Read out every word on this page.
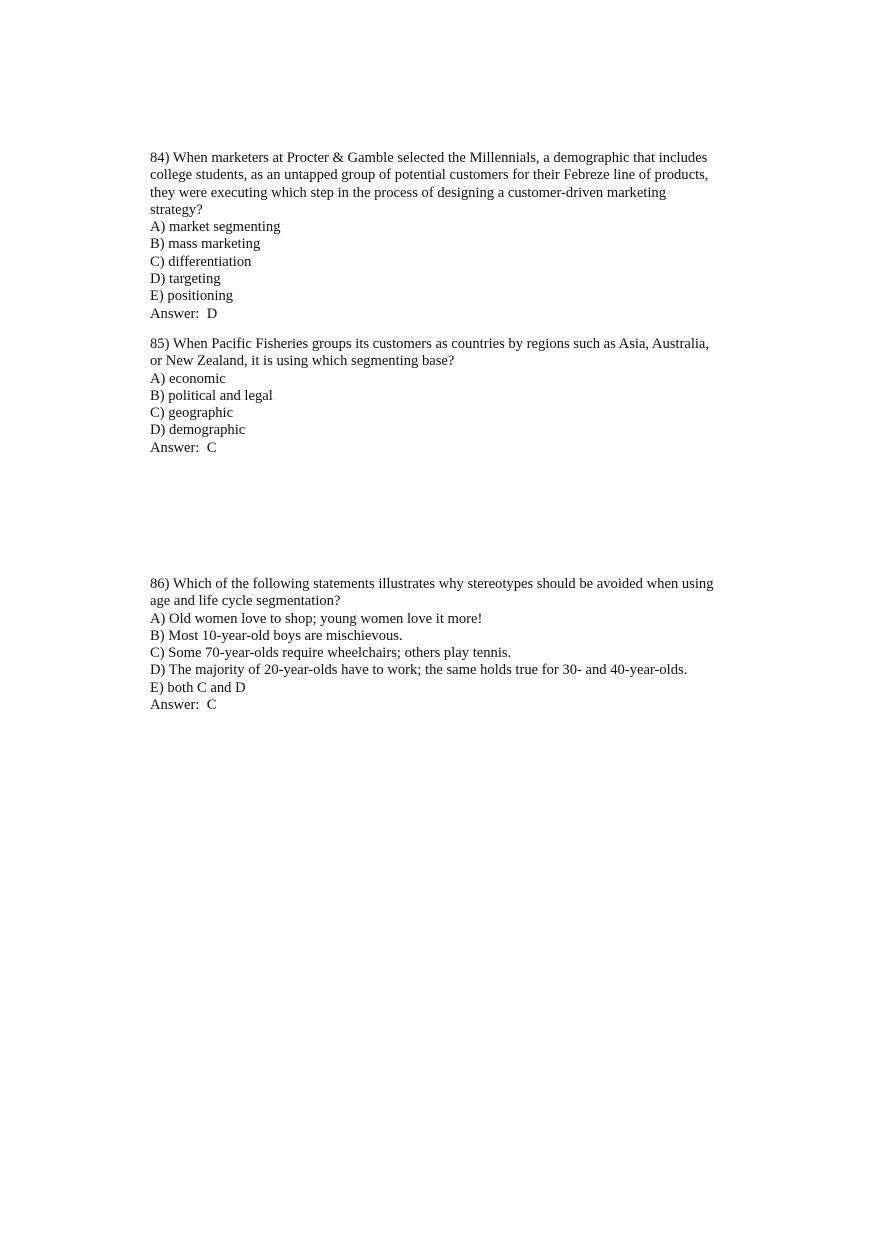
84) When marketers at Procter & Gamble selected the Millennials, a demographic that includes
college students, as an untapped group of potential customers for their Febreze line of products,
they were executing which step in the process of designing a customer-driven marketing
strategy?
A) market segmenting
B) mass marketing
C) differentiation
D) targeting
E) positioning
Answer:  D
85) When Pacific Fisheries groups its customers as countries by regions such as Asia, Australia,
or New Zealand, it is using which segmenting base?
A) economic
B) political and legal
C) geographic
D) demographic
Answer:  C
86) Which of the following statements illustrates why stereotypes should be avoided when using
age and life cycle segmentation?
A) Old women love to shop; young women love it more!
B) Most 10-year-old boys are mischievous.
C) Some 70-year-olds require wheelchairs; others play tennis.
D) The majority of 20-year-olds have to work; the same holds true for 30- and 40-year-olds.
E) both C and D
Answer:  C
